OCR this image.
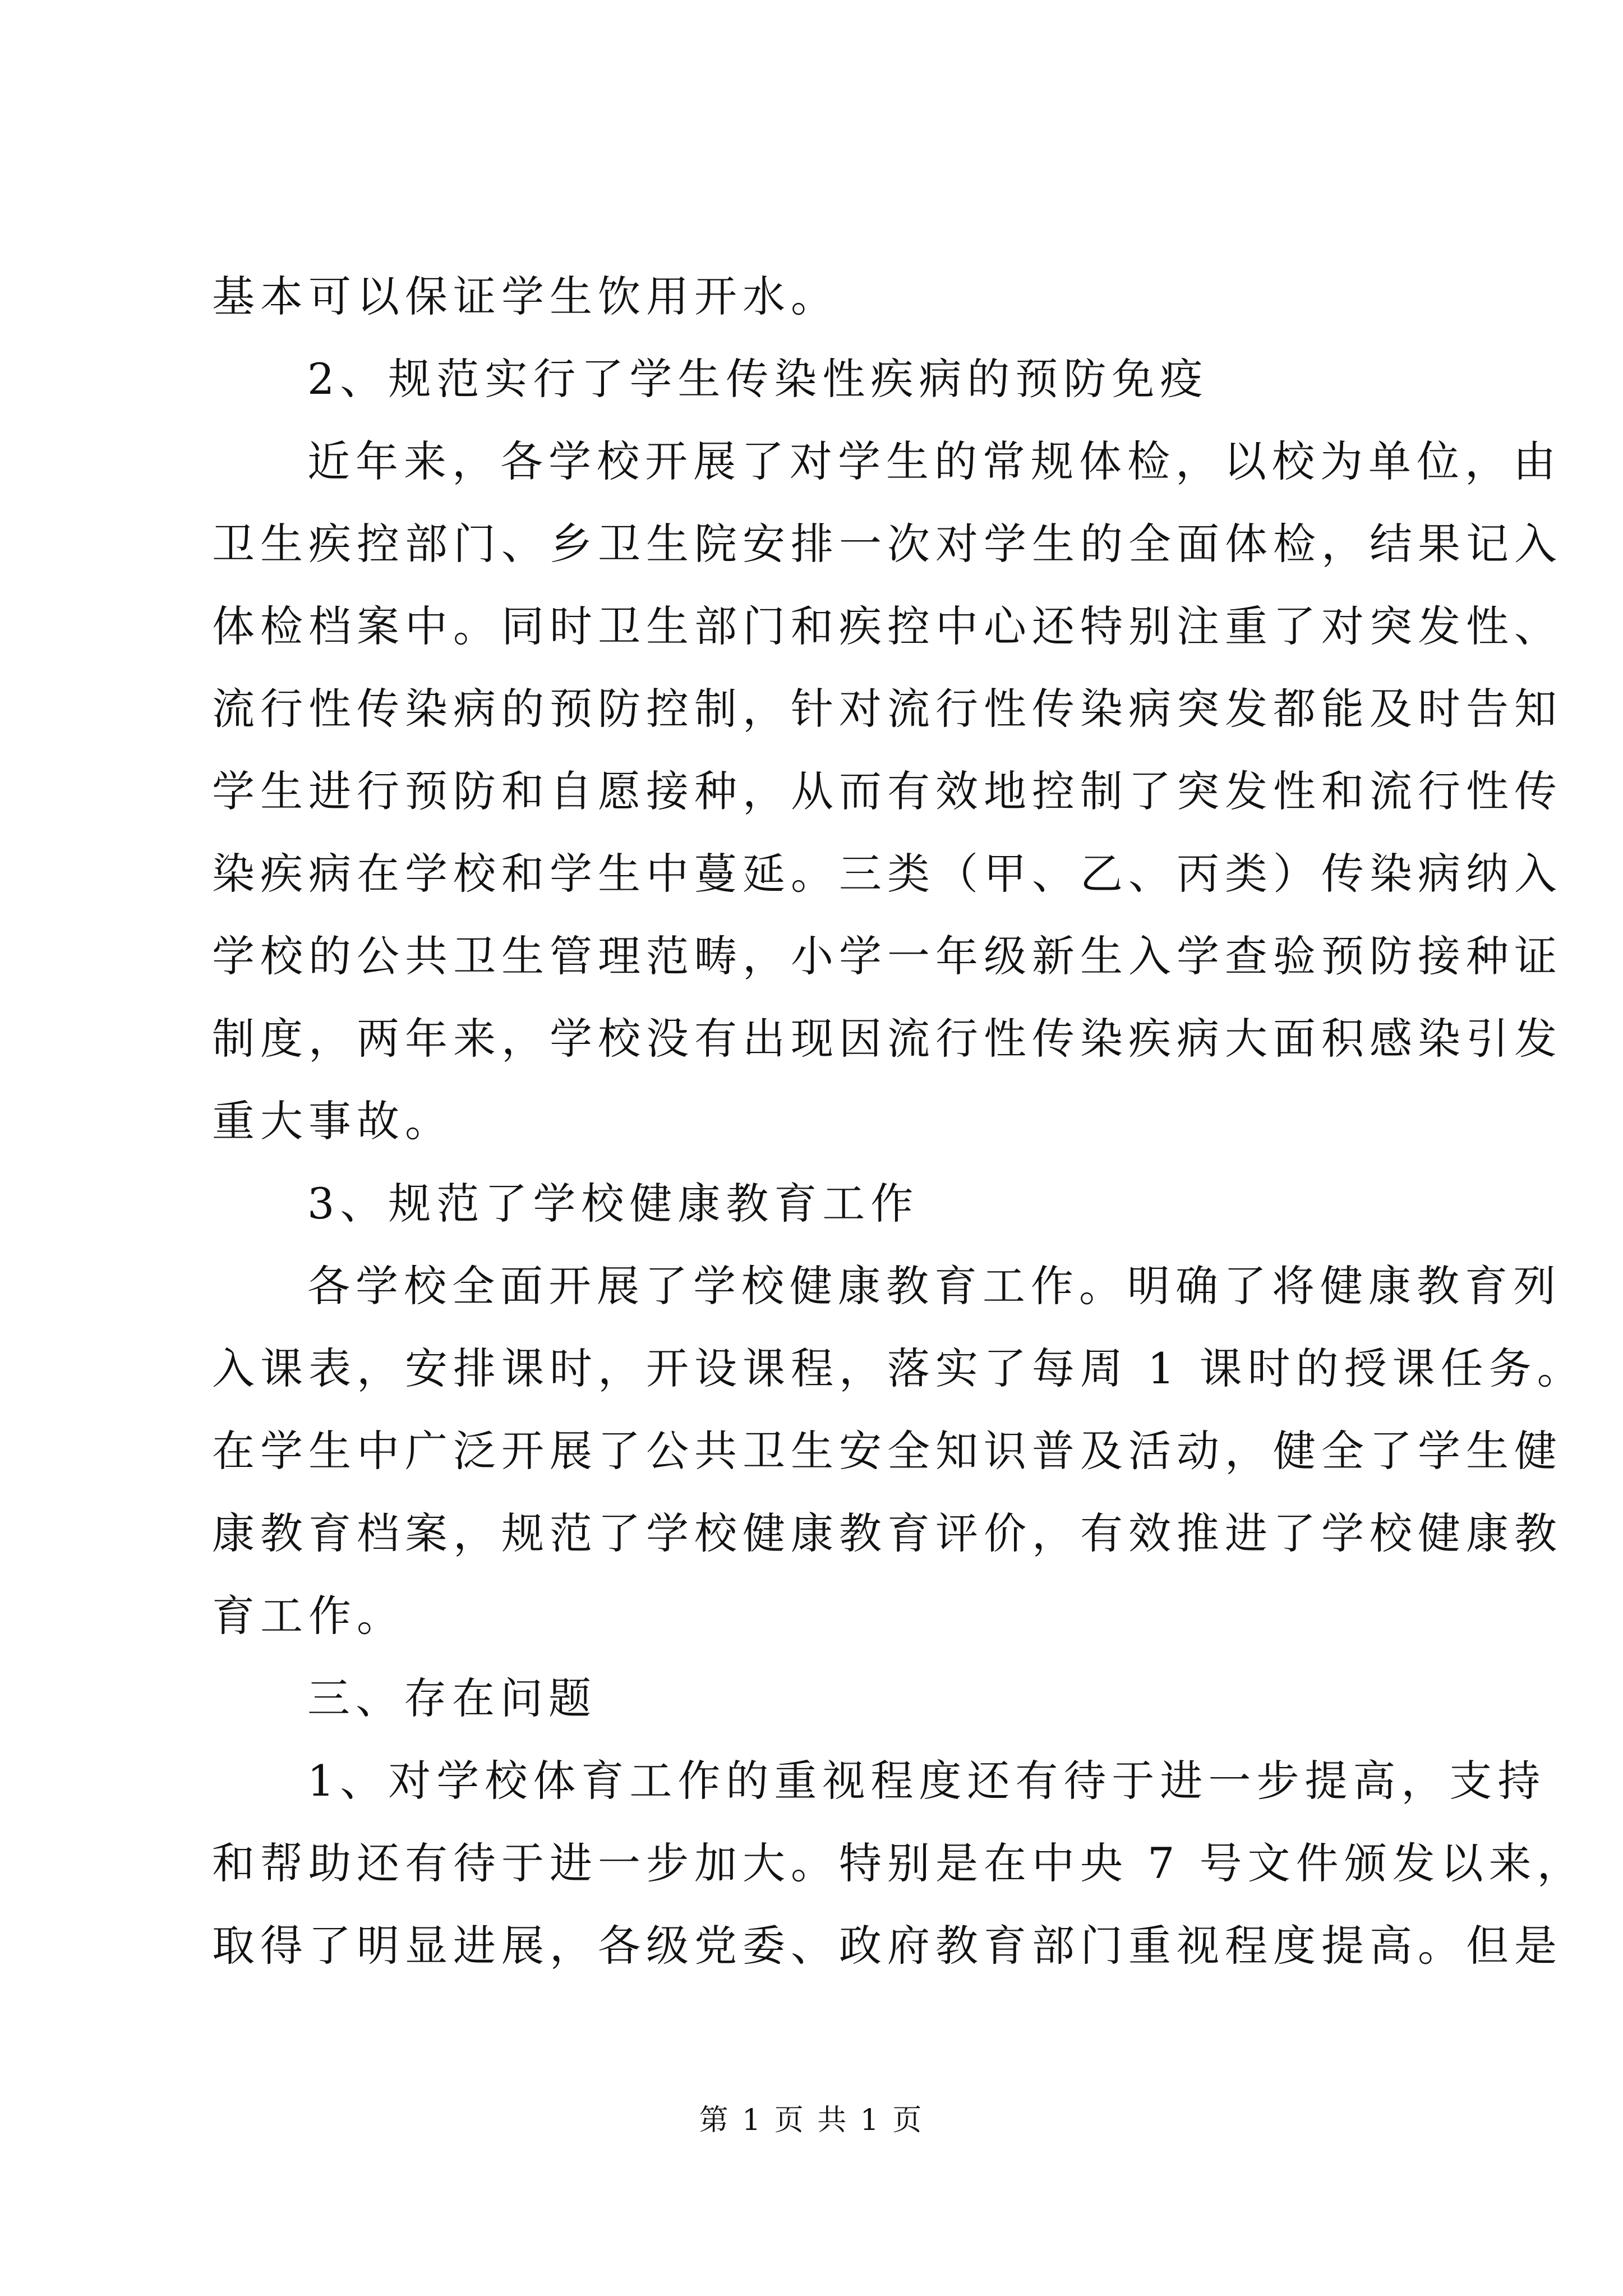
基本可以保证学生饮用开水。
2、规范实行了学生传染性疾病的预防免疫
近年来，各学校开展了对学生的常规体检，以校为单位，由
卫生疾控部门、乡卫生院安排一次对学生的全面体检，结果记入
体检档案中。同时卫生部门和疾控中心还特别注重了对突发性、
流行性传染病的预防控制，针对流行性传染病突发都能及时告知
学生进行预防和自愿接种，从而有效地控制了突发性和流行性传
染疾病在学校和学生中蔓延。三类（甲、乙、丙类）传染病纳入
学校的公共卫生管理范畴，小学一年级新生入学查验预防接种证
制度，两年来，学校没有出现因流行性传染疾病大面积感染引发
重大事故。
3、规范了学校健康教育工作
各学校全面开展了学校健康教育工作。明确了将健康教育列
入课表，安排课时，开设课程，落实了每周 1 课时的授课任务。
在学生中广泛开展了公共卫生安全知识普及活动，健全了学生健
康教育档案，规范了学校健康教育评价，有效推进了学校健康教
育工作。
三、存在问题
1、对学校体育工作的重视程度还有待于进一步提高，支持
和帮助还有待于进一步加大。特别是在中央 7 号文件颁发以来，
取得了明显进展，各级党委、政府教育部门重视程度提高。但是
第 1 页 共 1 页
